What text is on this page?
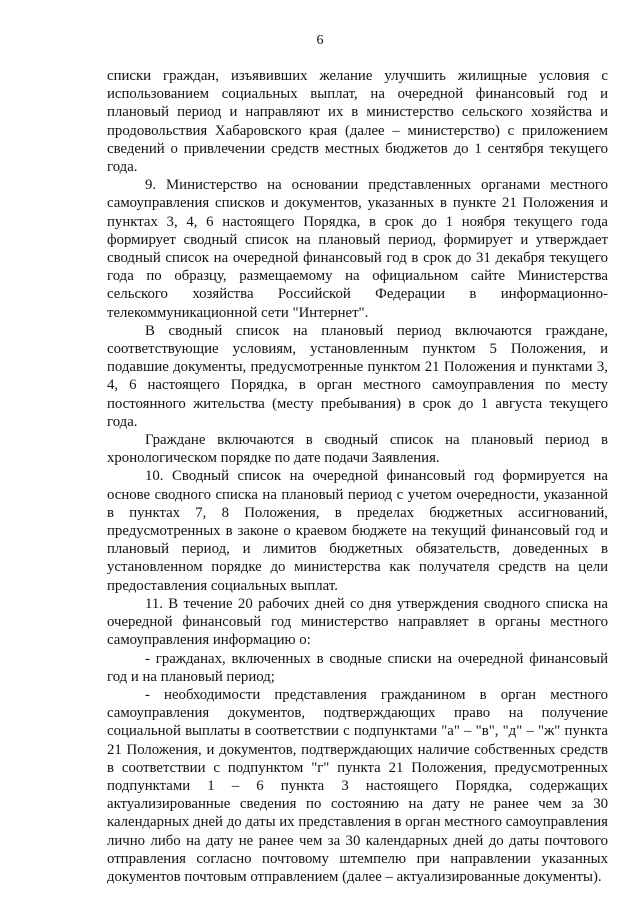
6

списки граждан, изъявивших желание улучшить жилищные условия с использованием социальных выплат, на очередной финансовый год и плановый период и направляют их в министерство сельского хозяйства и продовольствия Хабаровского края (далее – министерство) с приложением сведений о привлечении средств местных бюджетов до 1 сентября текущего года.

9. Министерство на основании представленных органами местного самоуправления списков и документов, указанных в пункте 21 Положения и пунктах 3, 4, 6 настоящего Порядка, в срок до 1 ноября текущего года формирует сводный список на плановый период, формирует и утверждает сводный список на очередной финансовый год в срок до 31 декабря текущего года по образцу, размещаемому на официальном сайте Министерства сельского хозяйства Российской Федерации в информационно-телекоммуникационной сети "Интернет".

В сводный список на плановый период включаются граждане, соответствующие условиям, установленным пунктом 5 Положения, и подавшие документы, предусмотренные пунктом 21 Положения и пунктами 3, 4, 6 настоящего Порядка, в орган местного самоуправления по месту постоянного жительства (месту пребывания) в срок до 1 августа текущего года.

Граждане включаются в сводный список на плановый период в хронологическом порядке по дате подачи Заявления.

10. Сводный список на очередной финансовый год формируется на основе сводного списка на плановый период с учетом очередности, указанной в пунктах 7, 8 Положения, в пределах бюджетных ассигнований, предусмотренных в законе о краевом бюджете на текущий финансовый год и плановый период, и лимитов бюджетных обязательств, доведенных в установленном порядке до министерства как получателя средств на цели предоставления социальных выплат.

11. В течение 20 рабочих дней со дня утверждения сводного списка на очередной финансовый год министерство направляет в органы местного самоуправления информацию о:

- гражданах, включенных в сводные списки на очередной финансовый год и на плановый период;

- необходимости представления гражданином в орган местного самоуправления документов, подтверждающих право на получение социальной выплаты в соответствии с подпунктами "а" – "в", "д" – "ж" пункта 21 Положения, и документов, подтверждающих наличие собственных средств в соответствии с подпунктом "г" пункта 21 Положения, предусмотренных подпунктами 1 – 6 пункта 3 настоящего Порядка, содержащих актуализированные сведения по состоянию на дату не ранее чем за 30 календарных дней до даты их представления в орган местного самоуправления лично либо на дату не ранее чем за 30 календарных дней до даты почтового отправления согласно почтовому штемпелю при направлении указанных документов почтовым отправлением (далее – актуализированные документы).
